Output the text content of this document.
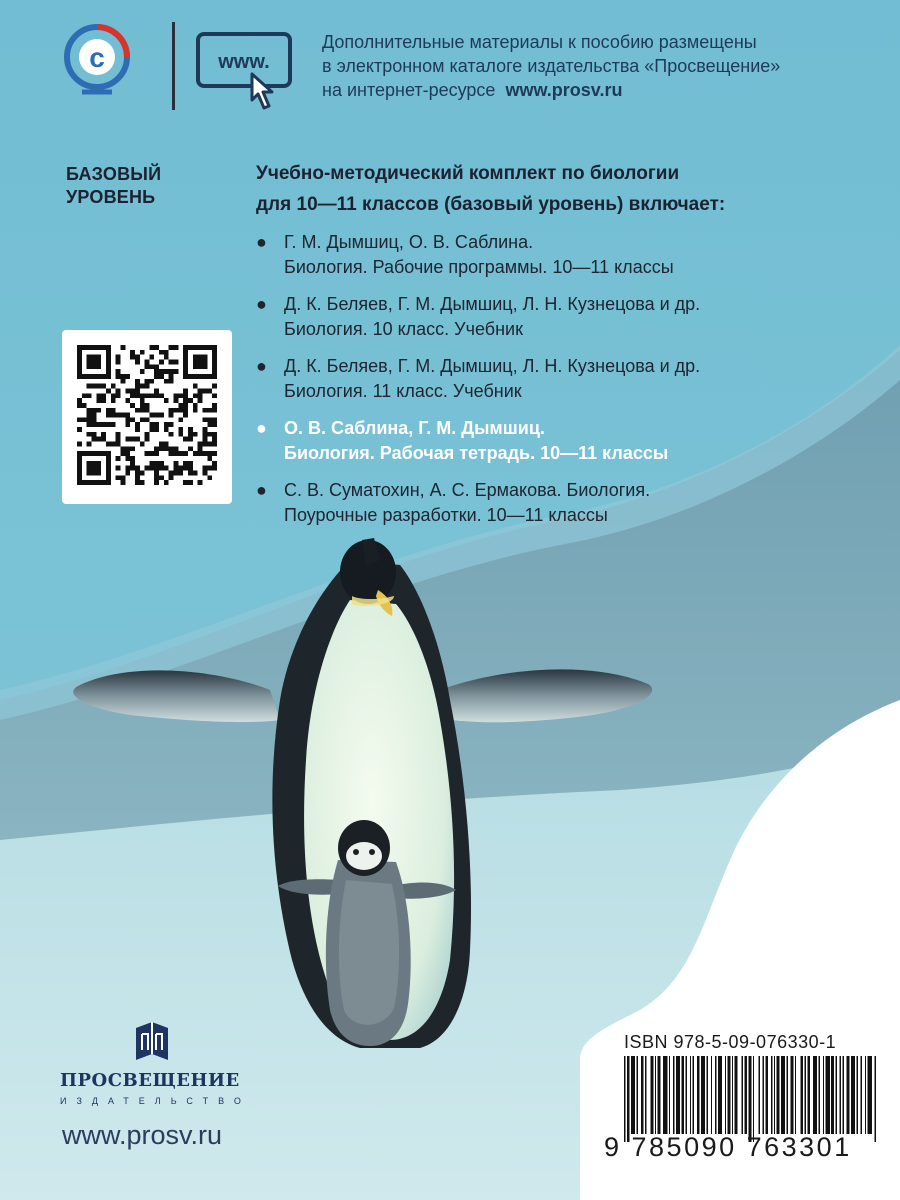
c	www.
Дополнительные материалы к пособию размещены
в электронном каталоге издательства «Просвещение»
на интернет-ресурсе www.prosv.ru
БАЗОВЫЙ
УРОВЕНЬ
Учебно-методический комплект по биологии
для 10—11 классов (базовый уровень) включает:
● Г. М. Дымшиц, О. В. Саблина.
Биология. Рабочие программы. 10—11 классы
● Д. К. Беляев, Г. М. Дымшиц, Л. Н. Кузнецова и др.
Биология. 10 класс. Учебник
● Д. К. Беляев, Г. М. Дымшиц, Л. Н. Кузнецова и др.
Биология. 11 класс. Учебник
● О. В. Саблина, Г. М. Дымшиц.
Биология. Рабочая тетрадь. 10—11 классы
● С. В. Суматохин, А. С. Ермакова. Биология.
Поурочные разработки. 10—11 классы
ПРОСВЕЩЕНИЕ
ИЗДАТЕЛЬСТВО
www.prosv.ru
ISBN 978-5-09-076330-1
9 785090 763301
